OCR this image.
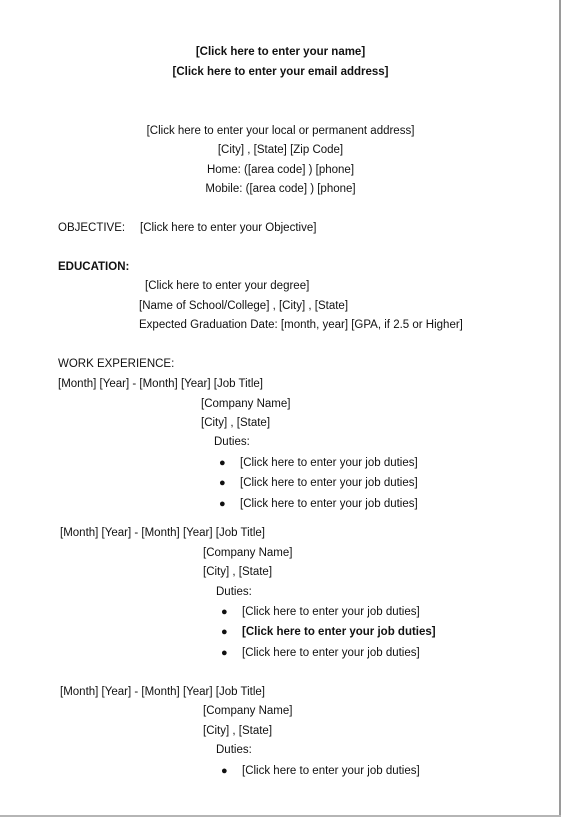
[Click here to enter your name]
[Click here to enter your email address]
[Click here to enter your local or permanent address]
[City] , [State] [Zip Code]
Home: ([area code] ) [phone]
Mobile: ([area code] ) [phone]
OBJECTIVE: [Click here to enter your Objective]
EDUCATION:
[Click here to enter your degree]
[Name of School/College] , [City] , [State]
Expected Graduation Date: [month, year] [GPA, if 2.5 or Higher]
WORK EXPERIENCE:
[Month] [Year] - [Month] [Year] [Job Title]
[Company Name]
[City] , [State]
Duties:
● [Click here to enter your job duties]
● [Click here to enter your job duties]
● [Click here to enter your job duties]
[Month] [Year] - [Month] [Year] [Job Title]
[Company Name]
[City] , [State]
Duties:
● [Click here to enter your job duties]
● [Click here to enter your job duties]
● [Click here to enter your job duties]
[Month] [Year] - [Month] [Year] [Job Title]
[Company Name]
[City] , [State]
Duties:
● [Click here to enter your job duties]
